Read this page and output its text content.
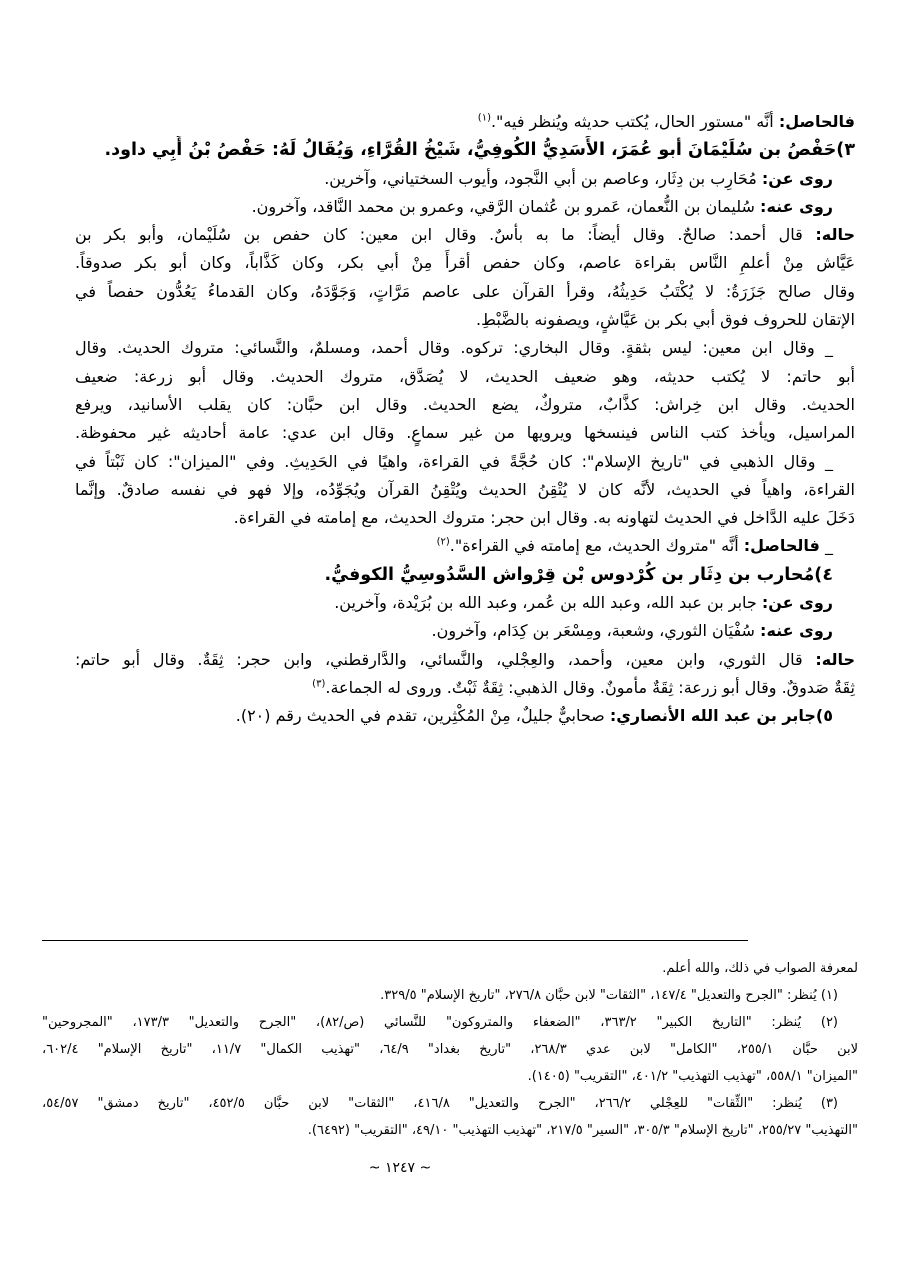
فالحاصل: أنَّه "مستور الحال، يُكتب حديثه ويُنظر فيه".$^{(١)}$
٣)حَفْصُ بن سُلَيْمَانَ أبو عُمَرَ، الأَسَدِيُّ الكُوفِيُّ، شَيْخُ القُرَّاءِ، وَيُقَالُ لَهُ: حَفْصُ بْنُ أَبِي داود.
روى عن: مُحَارِب بن دِثَار، وعاصم بن أبي النَّجود، وأيوب السختياني، وآخرين.
روى عنه: سُليمان بن النُّعمان، عَمرو بن عُثمان الرَّقي، وعمرو بن محمد النَّاقد، وآخرون.
حاله: قال أحمد: صالحٌ. وقال أيضاً: ما به بأسٌ. وقال ابن معين: كان حفص بن سُلَيْمان، وأبو بكر بن
عَيَّاش مِنْ أعلمِ النَّاس بقراءة عاصم، وكان حفص أقرأَ مِنْ أبي بكر، وكان كَذَّاباً، وكان أبو بكر صدوقاً.
وقال صالح جَزَرَةُ: لا يُكْتَبُ حَدِيثُهُ، وقرأ القرآن على عاصم مَرَّاتٍ، وَجَوَّدَهُ، وكان القدماءُ يَعُدُّون حفصاً في
الإتقان للحروف فوق أبي بكر بن عَيَّاشٍ، ويصفونه بالضَّبْطِ.
_ وقال ابن معين: ليس بثقةٍ. وقال البخاري: تركوه. وقال أحمد، ومسلمٌ، والنَّسائي: متروك الحديث. وقال
أبو حاتم: لا يُكتب حديثه، وهو ضعيف الحديث، لا يُصَدَّق، متروك الحديث. وقال أبو زرعة: ضعيف
الحديث. وقال ابن خِراش: كذَّابٌ، متروكٌ، يضع الحديث. وقال ابن حبَّان: كان يقلب الأسانيد، ويرفع
المراسيل، ويأخذ كتب الناس فينسخها ويرويها من غير سماعٍ. وقال ابن عدي: عامة أحاديثه غير محفوظة.
_ وقال الذهبي في "تاريخ الإسلام": كان حُجَّةً في القراءة، واهيًا في الحَدِيثِ. وفي "الميزان": كان ثَبْتاً في
القراءة، واهياً في الحديث، لأنَّه كان لا يُتْقِنُ الحديث ويُتْقِنُ القرآن ويُجَوِّدُه، وإلا فهو في نفسه صادقٌ. وإنَّما
دَخَلَ عليه الدَّاخل في الحديث لتهاونه به. وقال ابن حجر: متروك الحديث، مع إمامته في القراءة.
_ فالحاصل: أنَّه "متروك الحديث، مع إمامته في القراءة".$^{(٢)}$
٤)مُحارب بن دِثَار بن كُرْدوس بْن قِرْواش السَّدُوسِيُّ الكوفيُّ.
روى عن: جابر بن عبد الله، وعبد الله بن عُمر، وعبد الله بن بُرَيْدة، وآخرين.
روى عنه: سُفْيَان الثوري، وشعبة، ومِسْعَر بن كِدَام، وآخرون.
حاله: قال الثوري، وابن معين، وأحمد، والعِجْلي، والنَّسائي، والدَّارقطني، وابن حجر: ثِقَةٌ. وقال أبو حاتم:
ثِقَةٌ صَدوقٌ. وقال أبو زرعة: ثِقَةٌ مأمونٌ. وقال الذهبي: ثِقَةٌ ثَبْتٌ. وروى له الجماعة.$^{(٣)}$
٥)جابر بن عبد الله الأنصاري: صحابيٌّ جليلٌ، مِنْ المُكْثِرين، تقدم في الحديث رقم (٢٠).
لمعرفة الصواب في ذلك، والله أعلم.
(١) يُنظر: "الجرح والتعديل" ١٤٧/٤، "الثقات" لابن حبَّان ٢٧٦/٨، "تاريخ الإسلام" ٣٢٩/٥.
(٢) يُنظر: "التاريخ الكبير" ٣٦٣/٢، "الضعفاء والمتروكون" للنَّسائي (ص/٨٢)، "الجرح والتعديل" ١٧٣/٣، "المجروحين"
لابن حبَّان ٢٥٥/١، "الكامل" لابن عدي ٢٦٨/٣، "تاريخ بغداد" ٦٤/٩، "تهذيب الكمال" ١١/٧، "تاريخ الإسلام" ٦٠٢/٤،
"الميزان" ٥٥٨/١، "تهذيب التهذيب" ٤٠١/٢، "التقريب" (١٤٠٥).
(٣) يُنظر: "الثِّقات" للعِجْلي ٢٦٦/٢، "الجرح والتعديل" ٤١٦/٨، "الثقات" لابن حبَّان ٤٥٢/٥، "تاريخ دمشق" ٥٤/٥٧،
"التهذيب" ٢٥٥/٢٧، "تاريخ الإسلام" ٣٠٥/٣، "السير" ٢١٧/٥، "تهذيب التهذيب" ٤٩/١٠، "التقريب" (٦٤٩٢).
~ ١٢٤٧ ~
